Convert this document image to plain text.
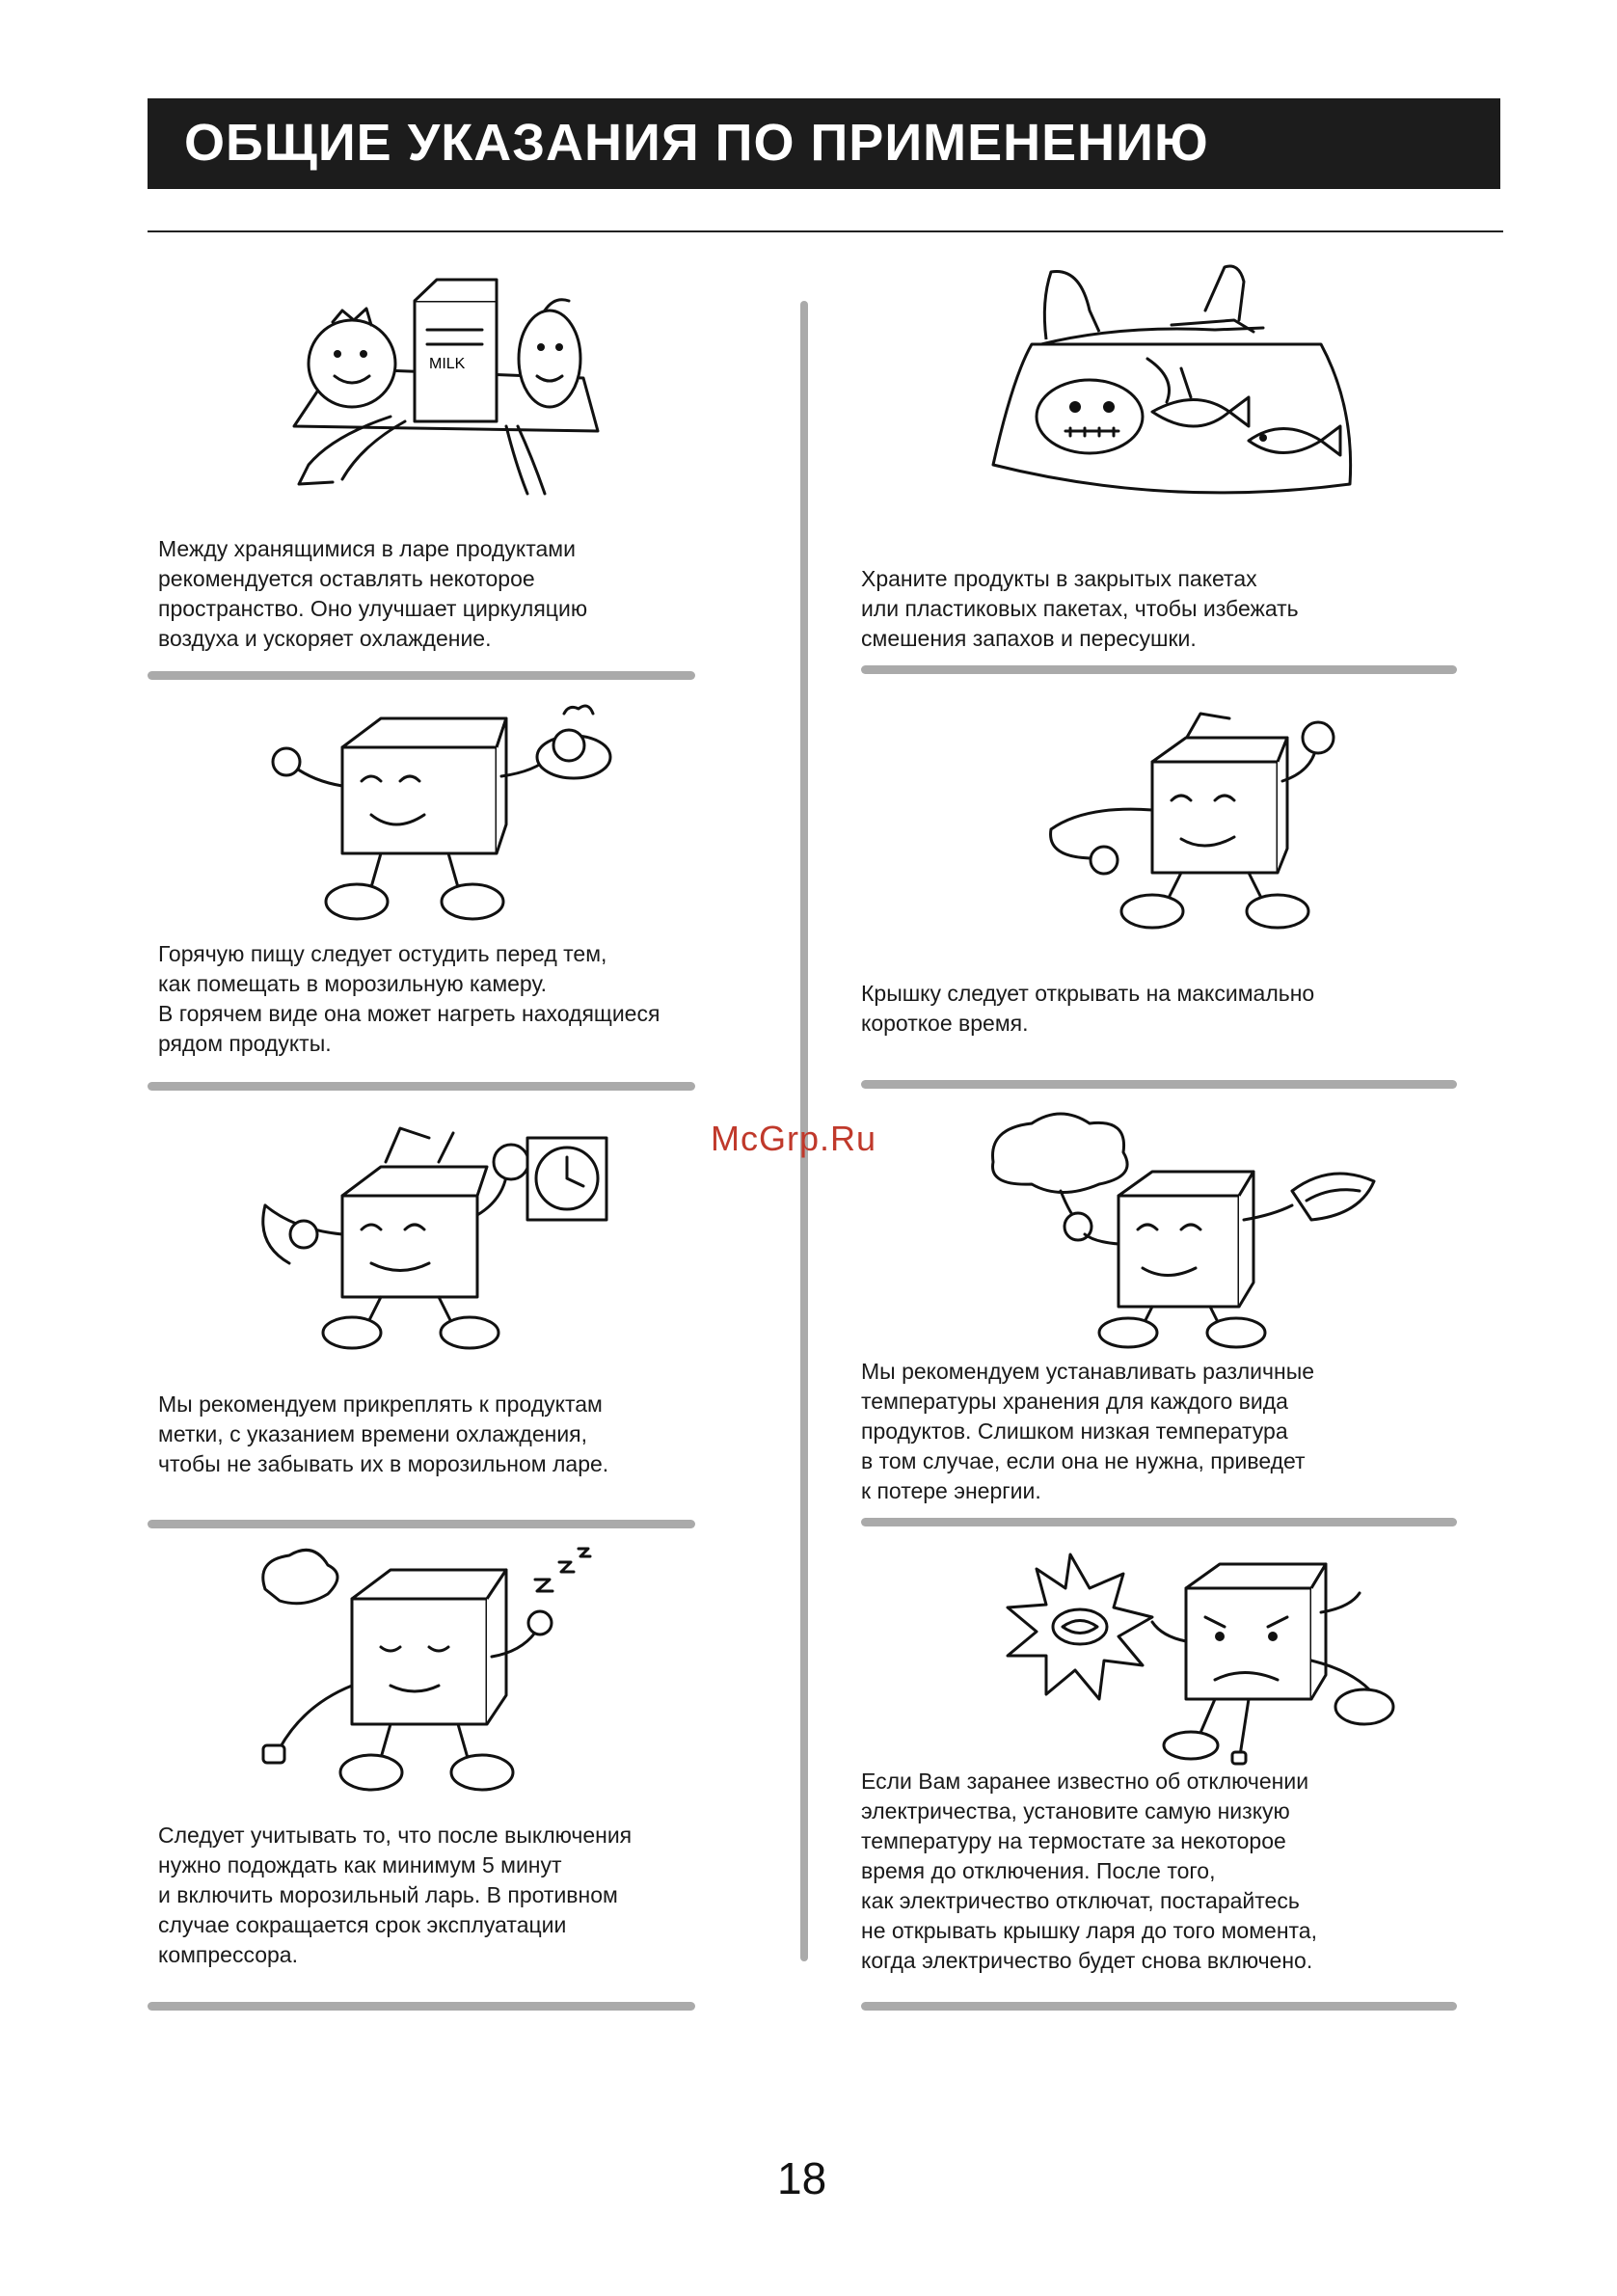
ОБЩИЕ УКАЗАНИЯ ПО ПРИМЕНЕНИЮ
MILK
Между хранящимися в ларе продуктами
рекомендуется оставлять некоторое
пространство. Оно улучшает циркуляцию
воздуха и ускоряет охлаждение.
Горячую пищу следует остудить перед тем,
как помещать в морозильную камеру.
В горячем виде она может нагреть находящиеся
рядом продукты.
Мы рекомендуем прикреплять к продуктам
метки, с указанием времени охлаждения,
чтобы не забывать их в морозильном ларе.
Следует учитывать то, что после выключения
нужно подождать как минимум 5 минут
и включить морозильный ларь. В противном
случае сокращается срок эксплуатации
компрессора.
Храните продукты в закрытых пакетах
или пластиковых пакетах, чтобы избежать
смешения запахов и пересушки.
Крышку следует открывать на максимально
короткое время.
Мы рекомендуем устанавливать различные
температуры хранения для каждого вида
продуктов. Слишком низкая температура
в том случае, если она не нужна, приведет
к потере энергии.
Если Вам заранее известно об отключении
электричества, установите самую низкую
температуру на термостате за некоторое
время до отключения. После того,
как электричество отключат, постарайтесь
не открывать крышку ларя до того момента,
когда электричество будет снова включено.
McGrp.Ru
18
